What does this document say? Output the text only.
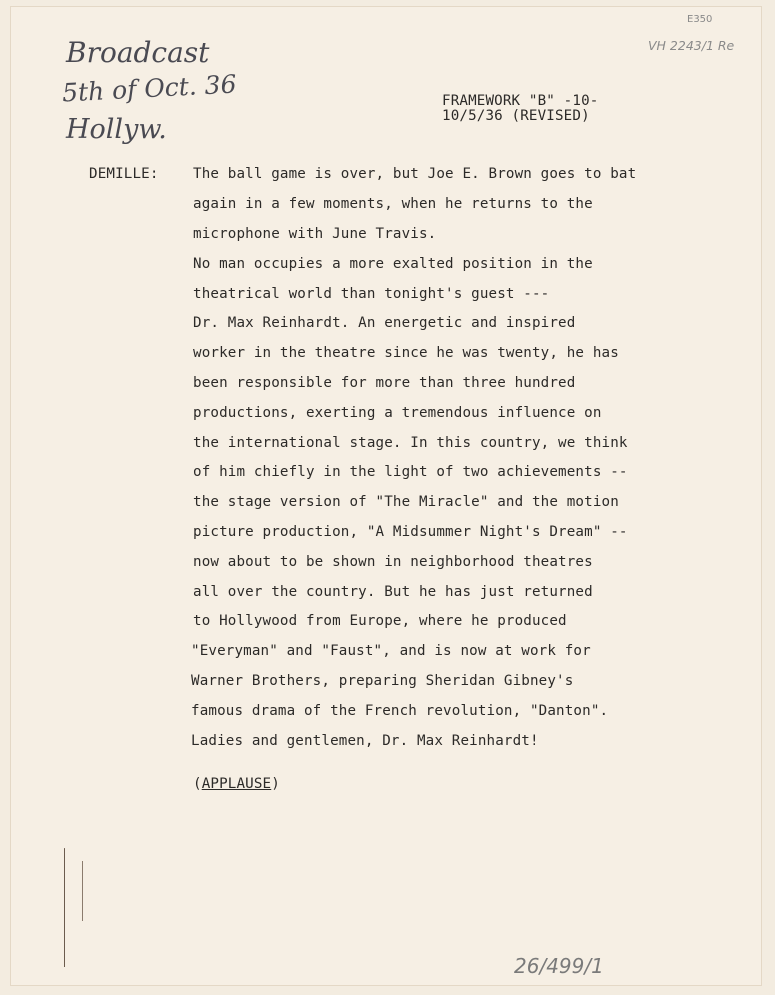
Broadcast
5th of Oct. 36
Hollyw.
E350
VH 2243/1 Re
FRAMEWORK "B" -10-
10/5/36 (REVISED)
DEMILLE: The ball game is over, but Joe E. Brown goes to bat
again in a few moments, when he returns to the
microphone with June Travis.
No man occupies a more exalted position in the
theatrical world than tonight's guest ---
Dr. Max Reinhardt. An energetic and inspired
worker in the theatre since he was twenty, he has
been responsible for more than three hundred
productions, exerting a tremendous influence on
the international stage. In this country, we think
of him chiefly in the light of two achievements --
the stage version of "The Miracle" and the motion
picture production, "A Midsummer Night's Dream" --
now about to be shown in neighborhood theatres
all over the country. But he has just returned
to Hollywood from Europe, where he produced
"Everyman" and "Faust", and is now at work for
Warner Brothers, preparing Sheridan Gibney's
famous drama of the French revolution, "Danton".
Ladies and gentlemen, Dr. Max Reinhardt!
(APPLAUSE)
26/499/1
